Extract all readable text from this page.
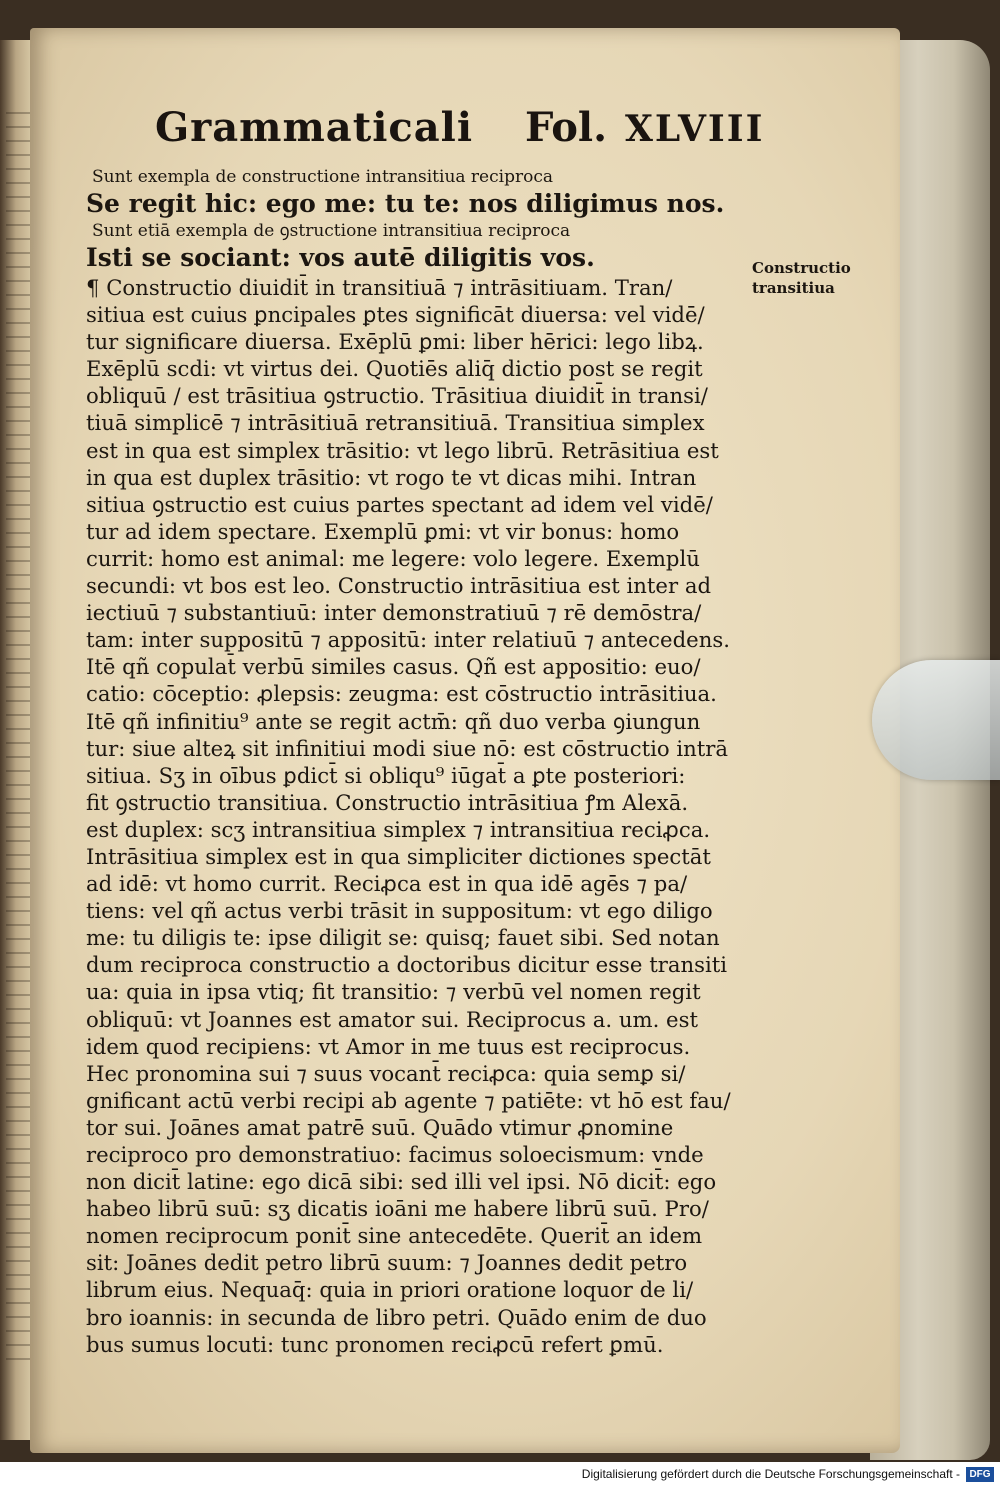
Grammaticali Fol. XLVIII
Constructio
transitiua
Sunt exempla de constructione intransitiua reciproca
Se regit hic: ego me: tu te: nos diligimus nos.
Sunt etiā exempla de ꝯstructione intransitiua reciproca
Isti se sociant: vos autē diligitis vos.
¶ Constructio diuidit̄ in transitiuā ⁊ intrāsitiuam. Tran/
sitiua est cuius ꝑncipales ꝑtes significāt diuersa: vel vidē/
tur significare diuersa. Exēplū ꝑmi: liber hērici: lego libꝝ.
Exēplū scdi: vt virtus dei. Quotiēs aliq̄ dictio post se regit
obliquū / est trāsitiua ꝯstructio. Trāsitiua diuidit̄ in transi/
tiuā simplicē ⁊ intrāsitiuā retransitiuā. Transitiua simplex
est in qua est simplex trāsitio: vt lego librū. Retrāsitiua est
in qua est duplex trāsitio: vt rogo te vt dicas mihi. Intran
sitiua ꝯstructio est cuius partes spectant ad idem vel vidē/
tur ad idem spectare. Exemplū ꝑmi: vt vir bonus: homo
currit: homo est animal: me legere: volo legere. Exemplū
secundi: vt bos est leo. Constructio intrāsitiua est inter ad
iectiuū ⁊ substantiuū: inter demonstratiuū ⁊ rē demōstra/
tam: inter suppositū ⁊ appositū: inter relatiuū ⁊ antecedens.
Itē qñ copulat̄ verbū similes casus. Qñ est appositio: euo/
catio: cōceptio: ꝓlepsis: zeugma: est cōstructio intrāsitiua.
Itē qñ infinitiu⁹ ante se regit actm̄: qñ duo verba ꝯiungun
tur: siue alteꝝ sit infinitiui modi siue nō: est cōstructio intrā
sitiua. Sʒ in oībus ꝑdict̄ si obliqu⁹ iūgat̄ a ꝑte posteriori:
fit ꝯstructio transitiua. Constructio intrāsitiua ꝭm Alexā.
est duplex: scʒ intransitiua simplex ⁊ intransitiua reciꝓca.
Intrāsitiua simplex est in qua simpliciter dictiones spectāt
ad idē: vt homo currit. Reciꝓca est in qua idē agēs ⁊ pa/
tiens: vel qñ actus verbi trāsit in suppositum: vt ego diligo
me: tu diligis te: ipse diligit se: quisq; fauet sibi. Sed notan
dum reciproca constructio a doctoribus dicitur esse transiti
ua: quia in ipsa vtiq; fit transitio: ⁊ verbū vel nomen regit
obliquū: vt Joannes est amator sui. Reciprocus a. um. est
idem quod recipiens: vt Amor in me tuus est reciprocus.
Hec pronomina sui ⁊ suus vocant̄ reciꝓca: quia semꝑ si/
gnificant actū verbi recipi ab agente ⁊ patiēte: vt hō est fau/
tor sui. Joānes amat patrē suū. Quādo vtimur ꝓnomine
reciproco pro demonstratiuo: facimus soloecismum: vnde
non dicit̄ latine: ego dicā sibi: sed illi vel ipsi. Nō dicit̄: ego
habeo librū suū: sʒ dicatis ioāni me habere librū suū. Pro/
nomen reciprocum ponit̄ sine antecedēte. Querit̄ an idem
sit: Joānes dedit petro librū suum: ⁊ Joannes dedit petro
librum eius. Nequaq̄: quia in priori oratione loquor de li/
bro ioannis: in secunda de libro petri. Quādo enim de duo
bus sumus locuti: tunc pronomen reciꝓcū refert ꝑmū.
Digitalisierung gefördert durch die Deutsche Forschungsgemeinschaft - DFG
